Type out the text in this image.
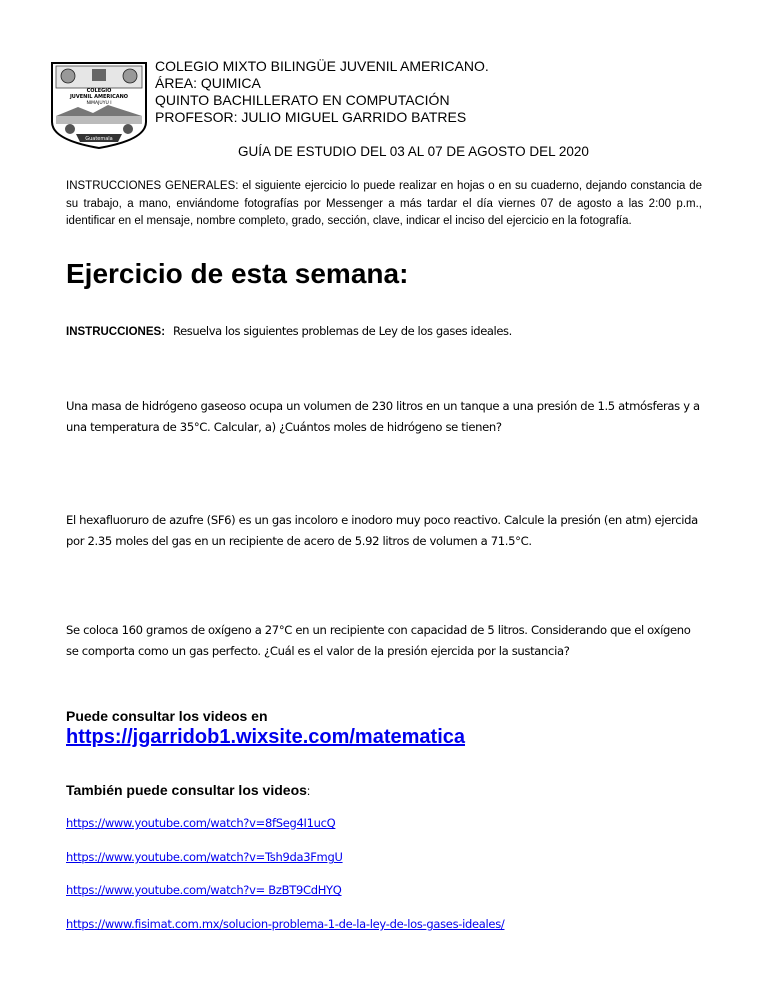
COLEGIO
JUVENIL AMERICANO
NIMAJUYU I
Guatemala
COLEGIO MIXTO BILINGÜE JUVENIL AMERICANO.
ÁREA: QUIMICA
QUINTO BACHILLERATO EN COMPUTACIÓN
PROFESOR: JULIO MIGUEL GARRIDO BATRES
GUÍA DE ESTUDIO DEL 03 AL 07 DE AGOSTO DEL 2020
INSTRUCCIONES GENERALES: el siguiente ejercicio lo puede realizar en hojas o en su cuaderno, dejando constancia de su trabajo, a mano, enviándome fotografías por Messenger a más tardar el día viernes 07 de agosto a las 2:00 p.m., identificar en el mensaje, nombre completo, grado, sección, clave, indicar el inciso del ejercicio en la fotografía.
Ejercicio de esta semana:
INSTRUCCIONES: Resuelva los siguientes problemas de Ley de los gases ideales.
Una masa de hidrógeno gaseoso ocupa un volumen de 230 litros en un tanque a una presión de 1.5 atmósferas y a una temperatura de 35°C. Calcular, a) ¿Cuántos moles de hidrógeno se tienen?
El hexafluoruro de azufre (SF6) es un gas incoloro e inodoro muy poco reactivo. Calcule la presión (en atm) ejercida por 2.35 moles del gas en un recipiente de acero de 5.92 litros de volumen a 71.5°C.
Se coloca 160 gramos de oxígeno a 27°C en un recipiente con capacidad de 5 litros. Considerando que el oxígeno se comporta como un gas perfecto. ¿Cuál es el valor de la presión ejercida por la sustancia?
Puede consultar los videos en
https://jgarridob1.wixsite.com/matematica
También puede consultar los videos:
https://www.youtube.com/watch?v=8fSeg4I1ucQ
https://www.youtube.com/watch?v=Tsh9da3FmgU
https://www.youtube.com/watch?v= BzBT9CdHYQ
https://www.fisimat.com.mx/solucion-problema-1-de-la-ley-de-los-gases-ideales/
